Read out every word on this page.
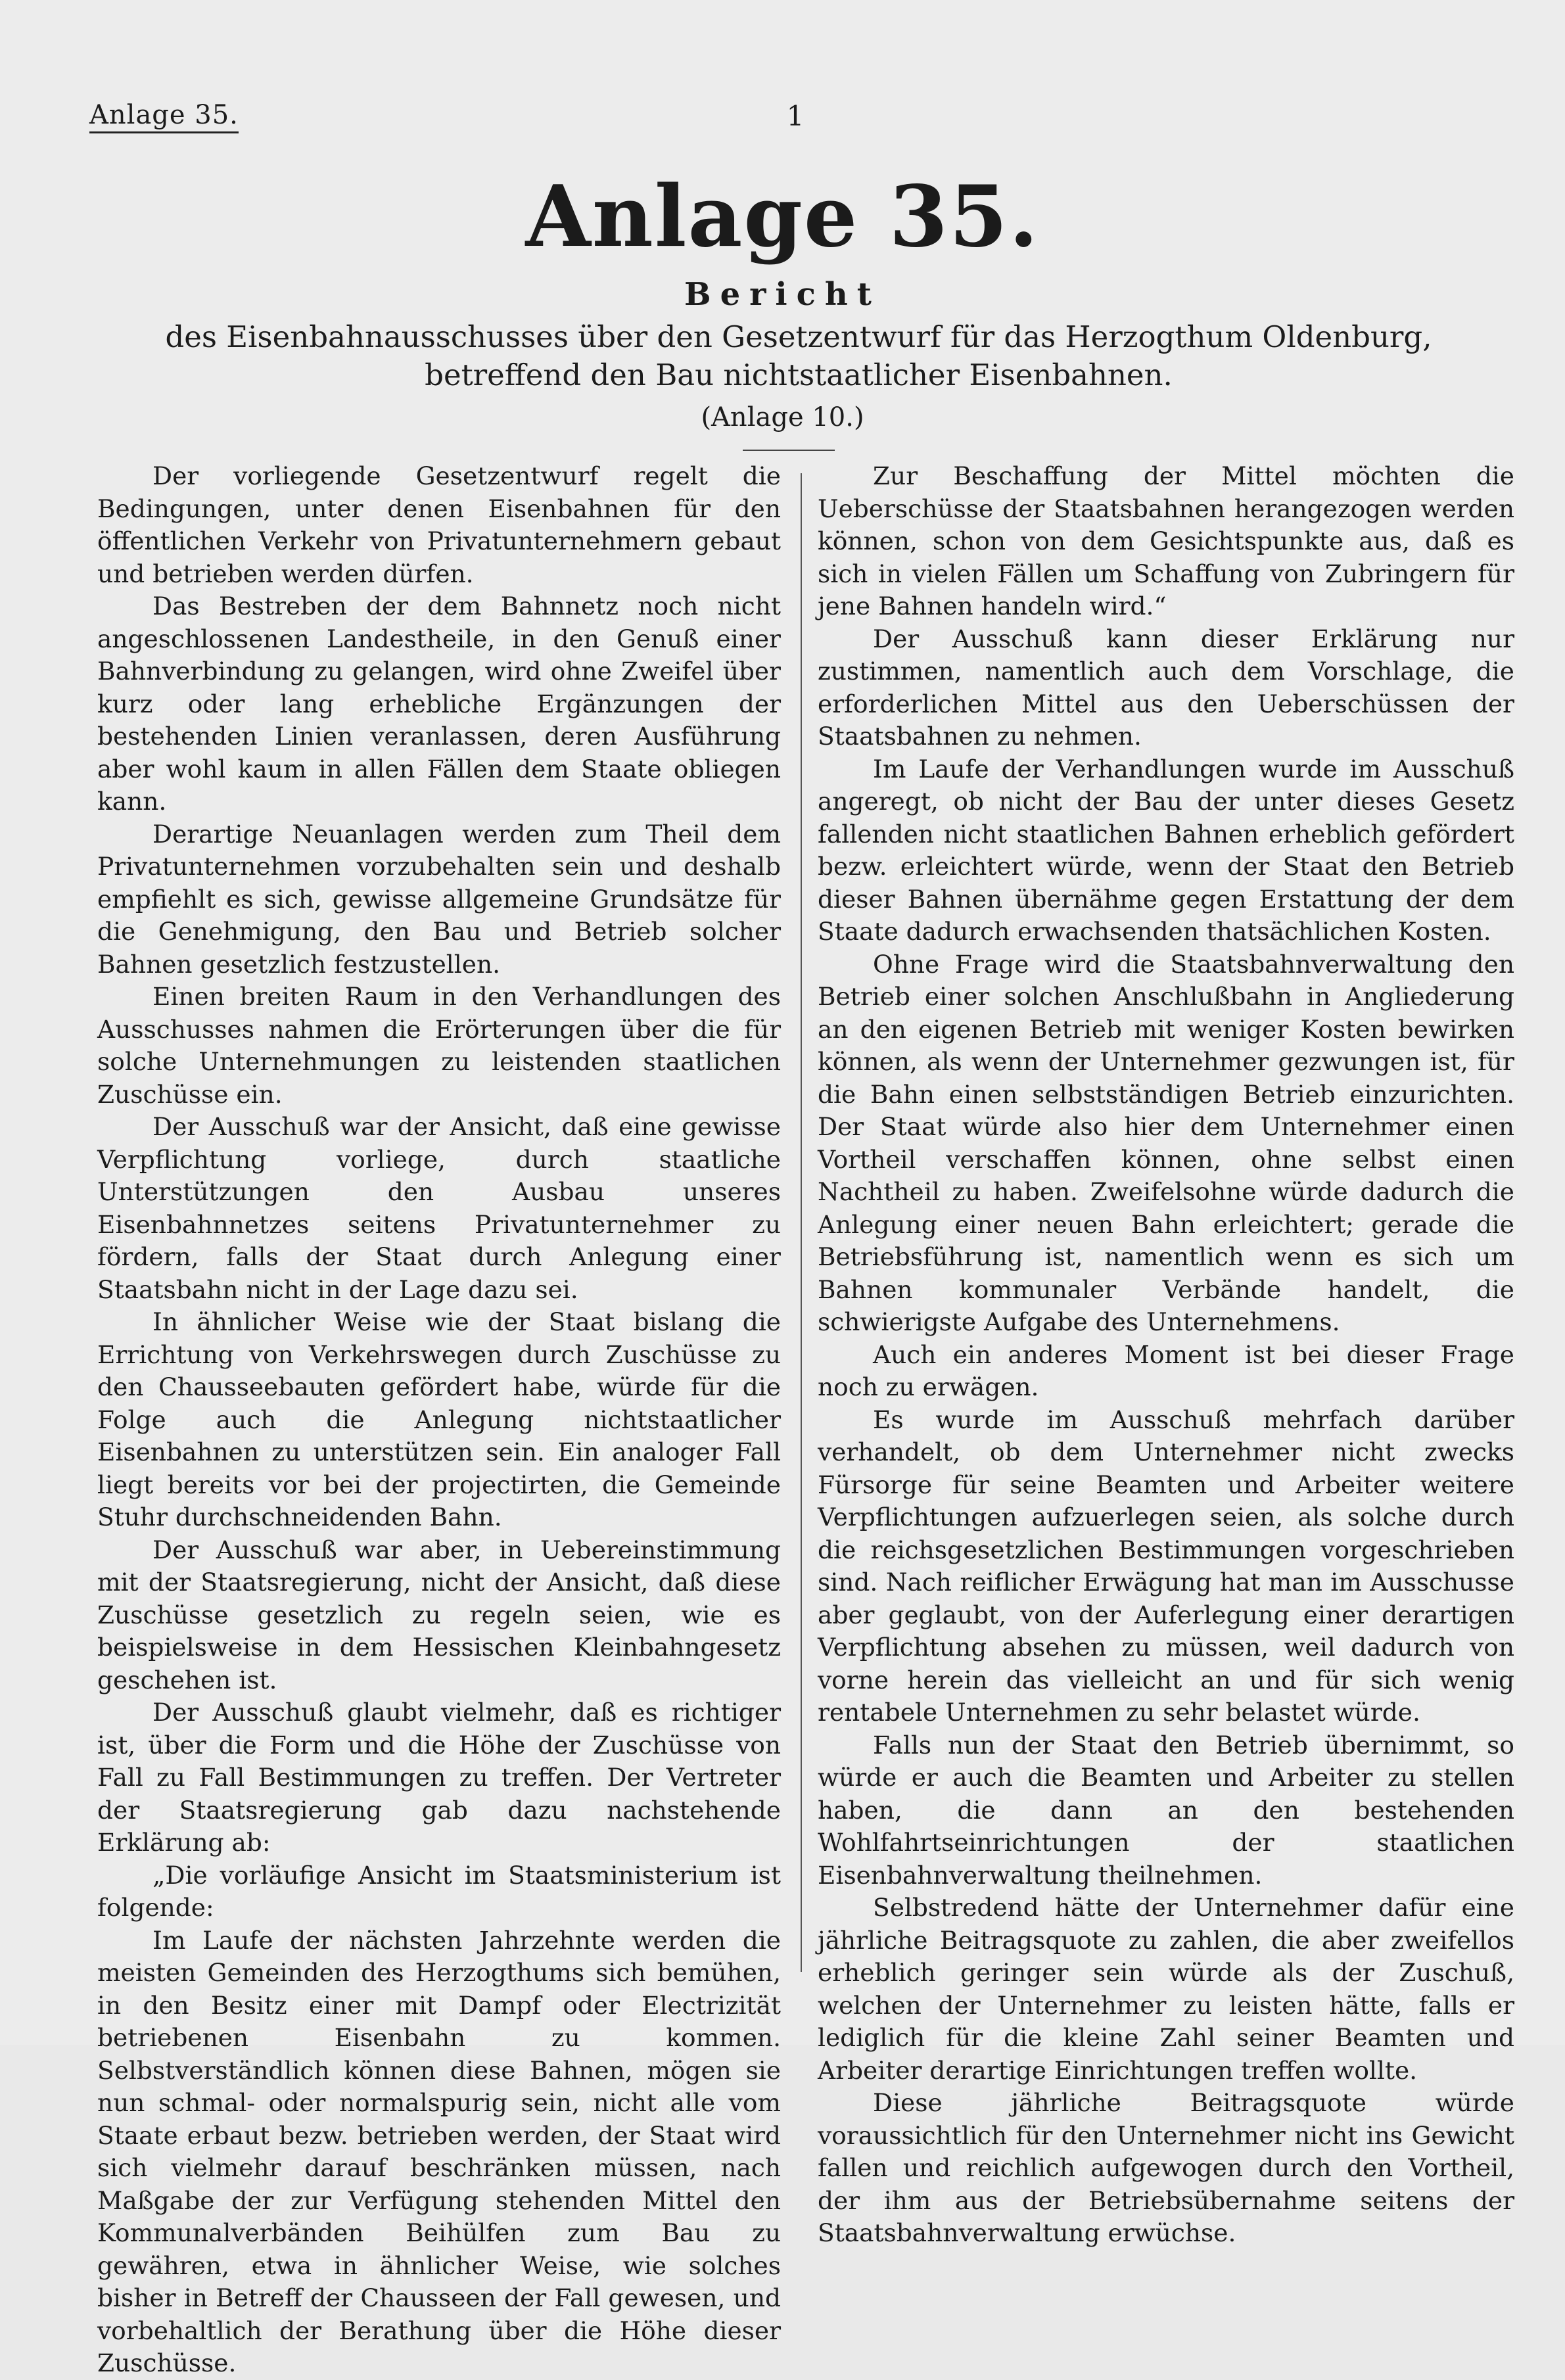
Anlage 35.	1
Anlage 35.
Bericht
des Eisenbahnausschusses über den Gesetzentwurf für das Herzogthum Oldenburg, betreffend den Bau nichtstaatlicher Eisenbahnen.
(Anlage 10.)

Der vorliegende Gesetzentwurf regelt die Bedingungen, unter denen Eisenbahnen für den öffentlichen Verkehr von Privatunternehmern gebaut und betrieben werden dürfen.

Das Bestreben der dem Bahnnetz noch nicht angeschlossenen Landestheile, in den Genuß einer Bahnverbindung zu gelangen, wird ohne Zweifel über kurz oder lang erhebliche Ergänzungen der bestehenden Linien veranlassen, deren Ausführung aber wohl kaum in allen Fällen dem Staate obliegen kann.

Derartige Neuanlagen werden zum Theil dem Privatunternehmen vorzubehalten sein und deshalb empfiehlt es sich, gewisse allgemeine Grundsätze für die Genehmigung, den Bau und Betrieb solcher Bahnen gesetzlich festzustellen.

Einen breiten Raum in den Verhandlungen des Ausschusses nahmen die Erörterungen über die für solche Unternehmungen zu leistenden staatlichen Zuschüsse ein.

Der Ausschuß war der Ansicht, daß eine gewisse Verpflichtung vorliege, durch staatliche Unterstützungen den Ausbau unseres Eisenbahnnetzes seitens Privatunternehmer zu fördern, falls der Staat durch Anlegung einer Staatsbahn nicht in der Lage dazu sei.

In ähnlicher Weise wie der Staat bislang die Errichtung von Verkehrswegen durch Zuschüsse zu den Chausseebauten gefördert habe, würde für die Folge auch die Anlegung nichtstaatlicher Eisenbahnen zu unterstützen sein. Ein analoger Fall liegt bereits vor bei der projectirten, die Gemeinde Stuhr durchschneidenden Bahn.

Der Ausschuß war aber, in Uebereinstimmung mit der Staatsregierung, nicht der Ansicht, daß diese Zuschüsse gesetzlich zu regeln seien, wie es beispielsweise in dem Hessischen Kleinbahngesetz geschehen ist.

Der Ausschuß glaubt vielmehr, daß es richtiger ist, über die Form und die Höhe der Zuschüsse von Fall zu Fall Bestimmungen zu treffen. Der Vertreter der Staatsregierung gab dazu nachstehende Erklärung ab:

„Die vorläufige Ansicht im Staatsministerium ist folgende:

Im Laufe der nächsten Jahrzehnte werden die meisten Gemeinden des Herzogthums sich bemühen, in den Besitz einer mit Dampf oder Electrizität betriebenen Eisenbahn zu kommen. Selbstverständlich können diese Bahnen, mögen sie nun schmal- oder normalspurig sein, nicht alle vom Staate erbaut bezw. betrieben werden, der Staat wird sich vielmehr darauf beschränken müssen, nach Maßgabe der zur Verfügung stehenden Mittel den Kommunalverbänden Beihülfen zum Bau zu gewähren, etwa in ähnlicher Weise, wie solches bisher in Betreff der Chausseen der Fall gewesen, und vorbehaltlich der Berathung über die Höhe dieser Zuschüsse.

Zur Beschaffung der Mittel möchten die Ueberschüsse der Staatsbahnen herangezogen werden können, schon von dem Gesichtspunkte aus, daß es sich in vielen Fällen um Schaffung von Zubringern für jene Bahnen handeln wird.“

Der Ausschuß kann dieser Erklärung nur zustimmen, namentlich auch dem Vorschlage, die erforderlichen Mittel aus den Ueberschüssen der Staatsbahnen zu nehmen.

Im Laufe der Verhandlungen wurde im Ausschuß angeregt, ob nicht der Bau der unter dieses Gesetz fallenden nicht staatlichen Bahnen erheblich gefördert bezw. erleichtert würde, wenn der Staat den Betrieb dieser Bahnen übernähme gegen Erstattung der dem Staate dadurch erwachsenden thatsächlichen Kosten.

Ohne Frage wird die Staatsbahnverwaltung den Betrieb einer solchen Anschlußbahn in Angliederung an den eigenen Betrieb mit weniger Kosten bewirken können, als wenn der Unternehmer gezwungen ist, für die Bahn einen selbstständigen Betrieb einzurichten. Der Staat würde also hier dem Unternehmer einen Vortheil verschaffen können, ohne selbst einen Nachtheil zu haben. Zweifelsohne würde dadurch die Anlegung einer neuen Bahn erleichtert; gerade die Betriebsführung ist, namentlich wenn es sich um Bahnen kommunaler Verbände handelt, die schwierigste Aufgabe des Unternehmens.

Auch ein anderes Moment ist bei dieser Frage noch zu erwägen.

Es wurde im Ausschuß mehrfach darüber verhandelt, ob dem Unternehmer nicht zwecks Fürsorge für seine Beamten und Arbeiter weitere Verpflichtungen aufzuerlegen seien, als solche durch die reichsgesetzlichen Bestimmungen vorgeschrieben sind. Nach reiflicher Erwägung hat man im Ausschusse aber geglaubt, von der Auferlegung einer derartigen Verpflichtung absehen zu müssen, weil dadurch von vorne herein das vielleicht an und für sich wenig rentabele Unternehmen zu sehr belastet würde.

Falls nun der Staat den Betrieb übernimmt, so würde er auch die Beamten und Arbeiter zu stellen haben, die dann an den bestehenden Wohlfahrtseinrichtungen der staatlichen Eisenbahnverwaltung theilnehmen.

Selbstredend hätte der Unternehmer dafür eine jährliche Beitragsquote zu zahlen, die aber zweifellos erheblich geringer sein würde als der Zuschuß, welchen der Unternehmer zu leisten hätte, falls er lediglich für die kleine Zahl seiner Beamten und Arbeiter derartige Einrichtungen treffen wollte.

Diese jährliche Beitragsquote würde voraussichtlich für den Unternehmer nicht ins Gewicht fallen und reichlich aufgewogen durch den Vortheil, der ihm aus der Betriebsübernahme seitens der Staatsbahnverwaltung erwüchse.
